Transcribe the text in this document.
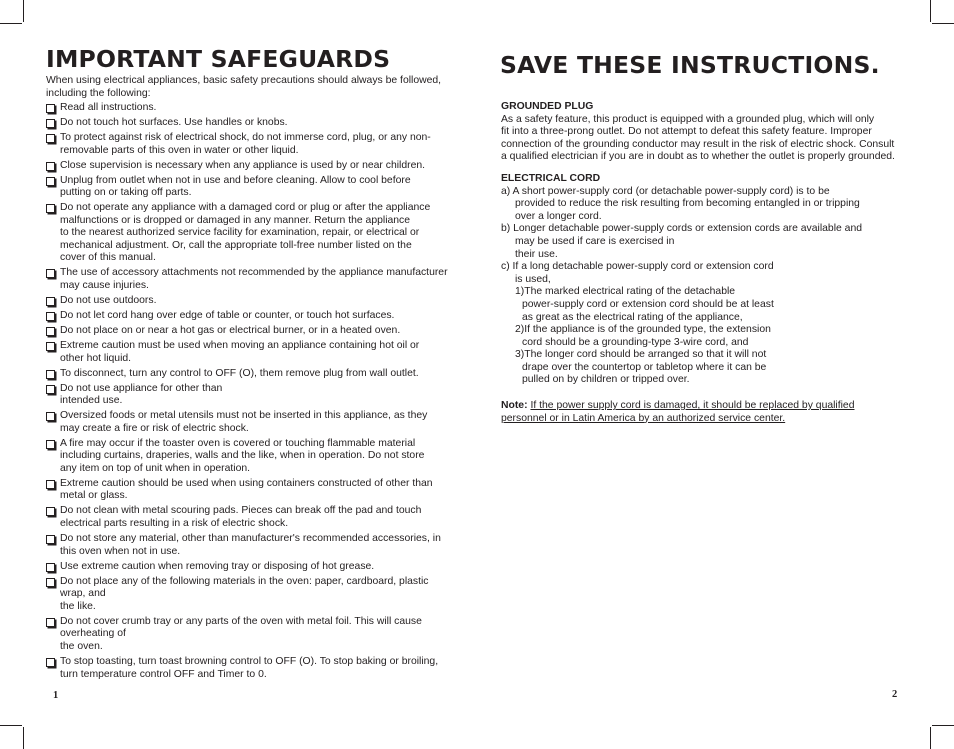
IMPORTANT SAFEGUARDS
When using electrical appliances, basic safety precautions should always be followed,
including the following:
Read all instructions.
Do not touch hot surfaces. Use handles or knobs.
To protect against risk of electrical shock, do not immerse cord, plug, or any non-
removable parts of this oven in water or other liquid.
Close supervision is necessary when any appliance is used by or near children.
Unplug from outlet when not in use and before cleaning. Allow to cool before
putting on or taking off parts.
Do not operate any appliance with a damaged cord or plug or after the appliance
malfunctions or is dropped or damaged in any manner. Return the appliance
to the nearest authorized service facility for examination, repair, or electrical or
mechanical adjustment. Or, call the appropriate toll-free number listed on the
cover of this manual.
The use of accessory attachments not recommended by the appliance manufacturer
may cause injuries.
Do not use outdoors.
Do not let cord hang over edge of table or counter, or touch hot surfaces.
Do not place on or near a hot gas or electrical burner, or in a heated oven.
Extreme caution must be used when moving an appliance containing hot oil or
other hot liquid.
To disconnect, turn any control to OFF (O), them remove plug from wall outlet.
Do not use appliance for other than
intended use.
Oversized foods or metal utensils must not be inserted in this appliance, as they
may create a fire or risk of electric shock.
A fire may occur if the toaster oven is covered or touching flammable material
including curtains, draperies, walls and the like, when in operation. Do not store
any item on top of unit when in operation.
Extreme caution should be used when using containers constructed of other than
metal or glass.
Do not clean with metal scouring pads. Pieces can break off the pad and touch
electrical parts resulting in a risk of electric shock.
Do not store any material, other than manufacturer's recommended accessories, in
this oven when not in use.
Use extreme caution when removing tray or disposing of hot grease.
Do not place any of the following materials in the oven: paper, cardboard, plastic
wrap, and
the like.
Do not cover crumb tray or any parts of the oven with metal foil. This will cause
overheating of
the oven.
To stop toasting, turn toast browning control to OFF (O). To stop baking or broiling,
turn temperature control OFF and Timer to 0.
1
SAVE THESE INSTRUCTIONS.

GROUNDED PLUG

As a safety feature, this product is equipped with a grounded plug, which will only
fit into a three-prong outlet. Do not attempt to defeat this safety feature. Improper
connection of the grounding conductor may result in the risk of electric shock. Consult
a qualified electrician if you are in doubt as to whether the outlet is properly grounded.

ELECTRICAL CORD

a) A short power-supply cord (or detachable power-supply cord) is to be
provided to reduce the risk resulting from becoming entangled in or tripping
over a longer cord.
b) Longer detachable power-supply cords or extension cords are available and
may be used if care is exercised in
their use.
c) If a long detachable power-supply cord or extension cord
is used,
1)The marked electrical rating of the detachable
power-supply cord or extension cord should be at least
as great as the electrical rating of the appliance,
2)If the appliance is of the grounded type, the extension
cord should be a grounding-type 3-wire cord, and
3)The longer cord should be arranged so that it will not
drape over the countertop or tabletop where it can be
pulled on by children or tripped over.
Note: If the power supply cord is damaged, it should be replaced by qualified
personnel or in Latin America by an authorized service center.
2
